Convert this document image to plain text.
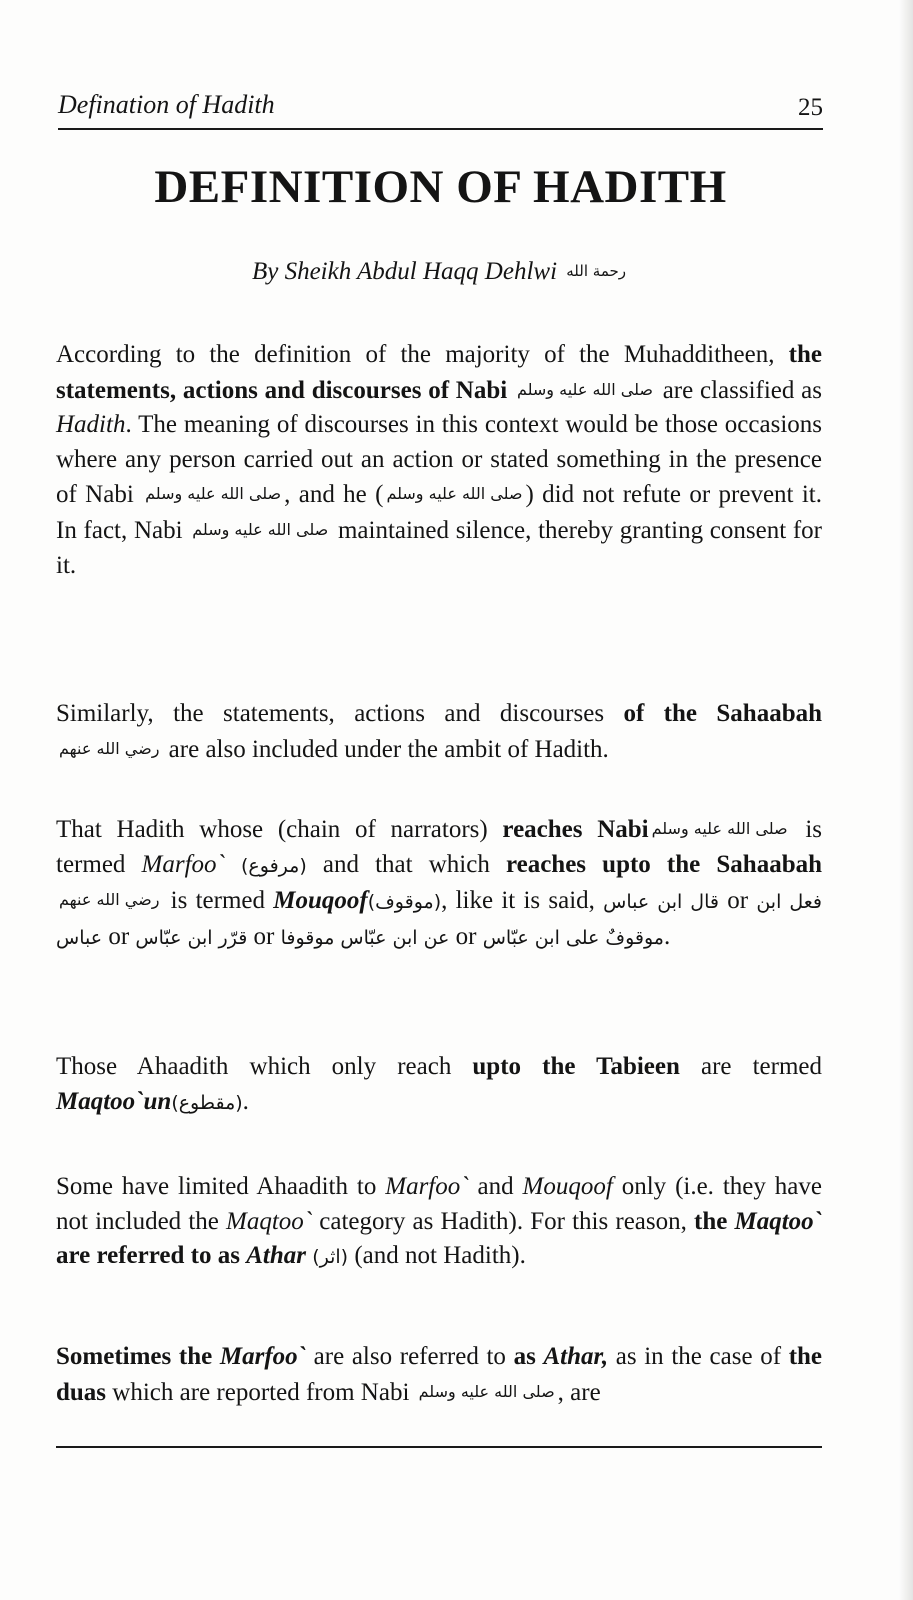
Defination of Hadith	25
DEFINITION OF HADITH
By Sheikh Abdul Haqq Dehlwi رحمة الله
According to the definition of the majority of the Muhadditheen, the statements, actions and discourses of Nabi صلى الله عليه وسلم are classified as Hadith. The meaning of discourses in this context would be those occasions where any person carried out an action or stated something in the presence of Nabi صلى الله عليه وسلم , and he ( صلى الله عليه وسلم ) did not refute or prevent it. In fact, Nabi صلى الله عليه وسلم maintained silence, thereby granting consent for it.
Similarly, the statements, actions and discourses of the Sahaabahرضي الله عنهم are also included under the ambit of Hadith.
That Hadith whose (chain of narrators) reaches Nabi صلى الله عليه وسلم is termed Marfoo` (مرفوع) and that which reaches upto the Sahaabahرضي الله عنهم is termed Mouqoof(موقوف), like it is said, قال ابن عباس or فعل ابن عباس or قرّر ابن عبّاس or عن ابن عبّاس موقوفا or موقوفٌ على ابن عبّاس.
Those Ahaadith which only reach upto the Tabieen are termed Maqtoo`un(مقطوع).
Some have limited Ahaadith to Marfoo` and Mouqoof only (i.e. they have not included the Maqtoo` category as Hadith). For this reason, the Maqtoo` are referred to as Athar (اثر) (and not Hadith).
Sometimes the Marfoo` are also referred to as Athar, as in the case of the duas which are reported from Nabi صلى الله عليه وسلم , are
